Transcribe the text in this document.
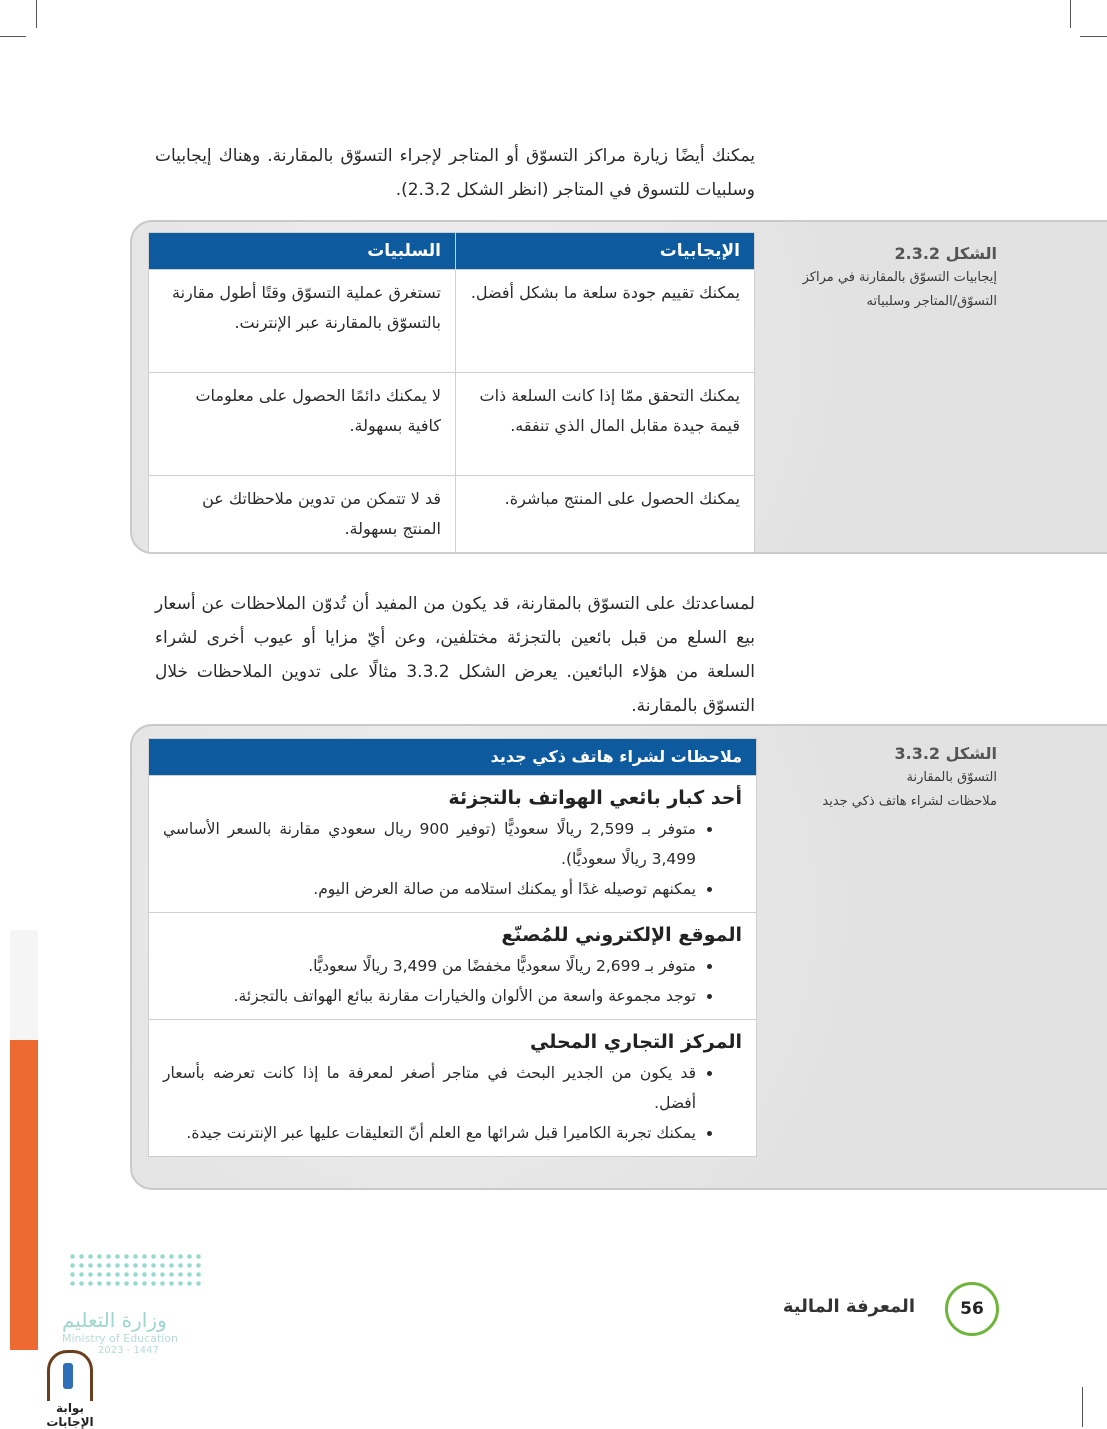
يمكنك أيضًا زيارة مراكز التسوّق أو المتاجر لإجراء التسوّق بالمقارنة. وهناك إيجابيات وسلبيات للتسوق في المتاجر (انظر الشكل 2.3.2).

الشكل 2.3.2
إيجابيات التسوّق بالمقارنة في مراكز التسوّق/المتاجر وسلبياته
الإيجابيات	السلبيات
يمكنك تقييم جودة سلعة ما بشكل أفضل.	تستغرق عملية التسوّق وقتًا أطول مقارنة بالتسوّق بالمقارنة عبر الإنترنت.
يمكنك التحقق ممّا إذا كانت السلعة ذات قيمة جيدة مقابل المال الذي تنفقه.	لا يمكنك دائمًا الحصول على معلومات كافية بسهولة.
يمكنك الحصول على المنتج مباشرة.	قد لا تتمكن من تدوين ملاحظاتك عن المنتج بسهولة.

لمساعدتك على التسوّق بالمقارنة، قد يكون من المفيد أن تُدوّن الملاحظات عن أسعار بيع السلع من قبل بائعين بالتجزئة مختلفين، وعن أيّ مزايا أو عيوب أخرى لشراء السلعة من هؤلاء البائعين. يعرض الشكل 3.3.2 مثالًا على تدوين الملاحظات خلال التسوّق بالمقارنة.

الشكل 3.3.2
التسوّق بالمقارنة
ملاحظات لشراء هاتف ذكي جديد
ملاحظات لشراء هاتف ذكي جديد
أحد كبار بائعي الهواتف بالتجزئة
• متوفر بـ 2,599 ريالًا سعوديًّا (توفير 900 ريال سعودي مقارنة بالسعر الأساسي 3,499 ريالًا سعوديًّا).
• يمكنهم توصيله غدًا أو يمكنك استلامه من صالة العرض اليوم.
الموقع الإلكتروني للمُصنّع
• متوفر بـ 2,699 ريالًا سعوديًّا مخفضًا من 3,499 ريالًا سعوديًّا.
• توجد مجموعة واسعة من الألوان والخيارات مقارنة ببائع الهواتف بالتجزئة.
المركز التجاري المحلي
• قد يكون من الجدير البحث في متاجر أصغر لمعرفة ما إذا كانت تعرضه بأسعار أفضل.
• يمكنك تجربة الكاميرا قبل شرائها مع العلم أنّ التعليقات عليها عبر الإنترنت جيدة.
56
المعرفة المالية
وزارة التعليم
Ministry of Education
2023 - 1447
بوابة الإجابات
